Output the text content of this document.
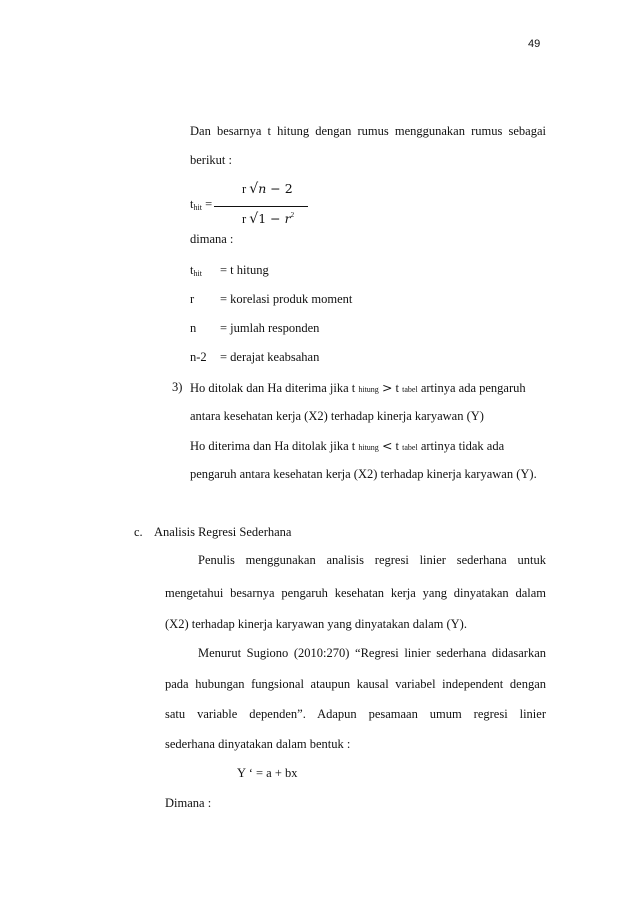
49
Dan besarnya t hitung dengan rumus menggunakan rumus sebagai
berikut :
$t_{hit}$ =
r √n − 2
r $√1 - r^2$
dimana :
$t_{hit} = t$ hitung
r = korelasi produk moment
n = jumlah responden
n-2 = derajat keabsahan
3) Ho ditolak dan Ha diterima jika t hitung > t tabel artinya ada pengaruh
antara kesehatan kerja (X2) terhadap kinerja karyawan (Y)
Ho diterima dan Ha ditolak jika t hitung < t tabel artinya tidak ada
pengaruh antara kesehatan kerja (X2) terhadap kinerja karyawan (Y).
c. Analisis Regresi Sederhana
Penulis menggunakan analisis regresi linier sederhana untuk
mengetahui besarnya pengaruh kesehatan kerja yang dinyatakan dalam
(X2) terhadap kinerja karyawan yang dinyatakan dalam (Y).
Menurut Sugiono (2010:270) “Regresi linier sederhana didasarkan
pada hubungan fungsional ataupun kausal variabel independent dengan
satu variable dependen”. Adapun pesamaan umum regresi linier
sederhana dinyatakan dalam bentuk :
Y ‘ = a + bx
Dimana :
